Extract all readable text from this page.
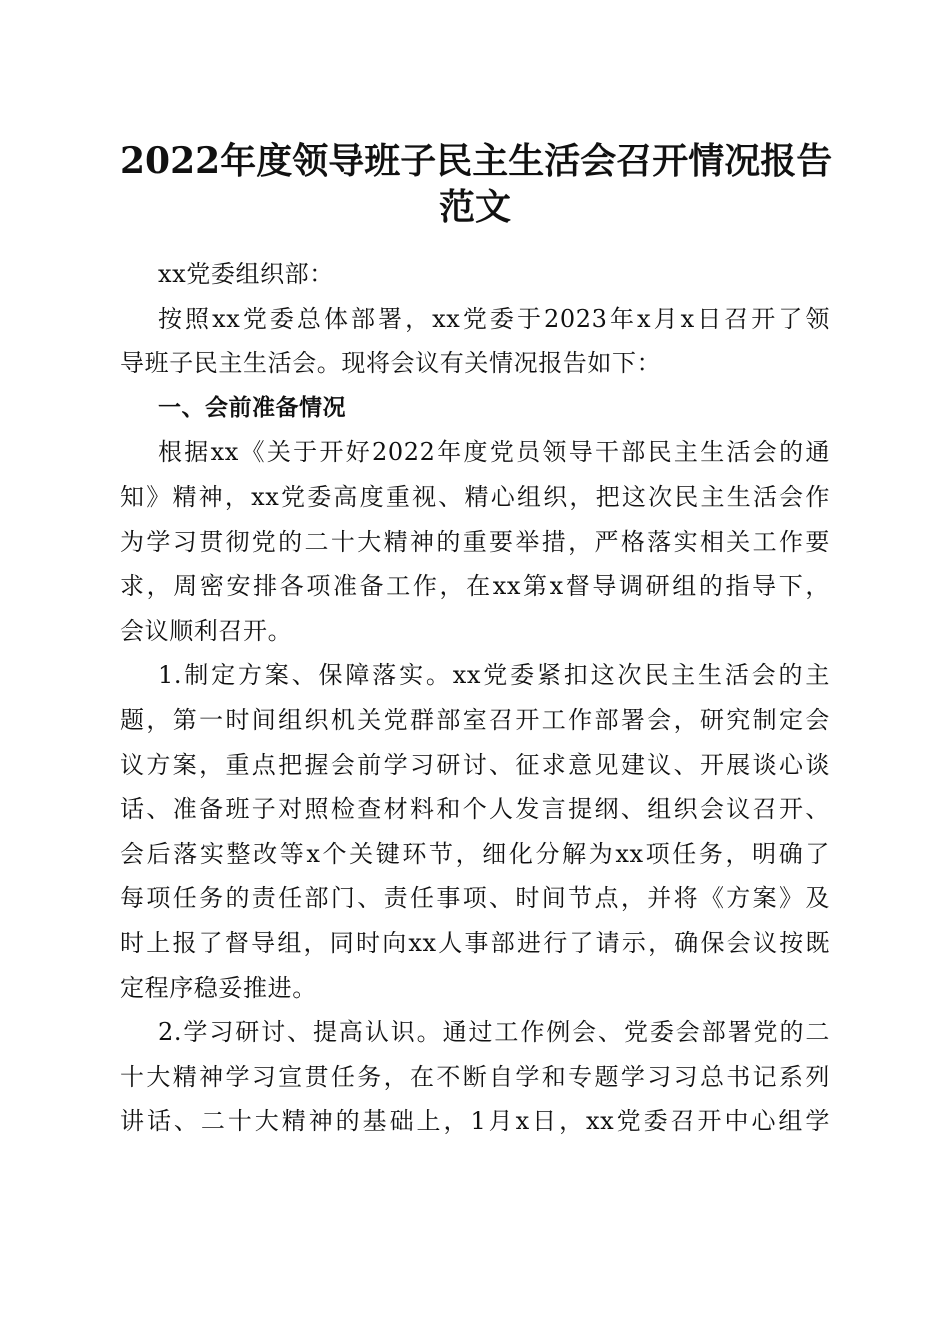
2022年度领导班子民主生活会召开情况报告
范文

xx党委组织部：

按照xx党委总体部署，xx党委于2023年x月x日召开了领
导班子民主生活会。现将会议有关情况报告如下：

一、会前准备情况

根据xx《关于开好2022年度党员领导干部民主生活会的通
知》精神，xx党委高度重视、精心组织，把这次民主生活会作
为学习贯彻党的二十大精神的重要举措，严格落实相关工作要
求，周密安排各项准备工作，在xx第x督导调研组的指导下，
会议顺利召开。

1.制定方案、保障落实。xx党委紧扣这次民主生活会的主
题，第一时间组织机关党群部室召开工作部署会，研究制定会
议方案，重点把握会前学习研讨、征求意见建议、开展谈心谈
话、准备班子对照检查材料和个人发言提纲、组织会议召开、
会后落实整改等x个关键环节，细化分解为xx项任务，明确了
每项任务的责任部门、责任事项、时间节点，并将《方案》及
时上报了督导组，同时向xx人事部进行了请示，确保会议按既
定程序稳妥推进。

2.学习研讨、提高认识。通过工作例会、党委会部署党的二
十大精神学习宣贯任务，在不断自学和专题学习习总书记系列
讲话、二十大精神的基础上，1月x日，xx党委召开中心组学
